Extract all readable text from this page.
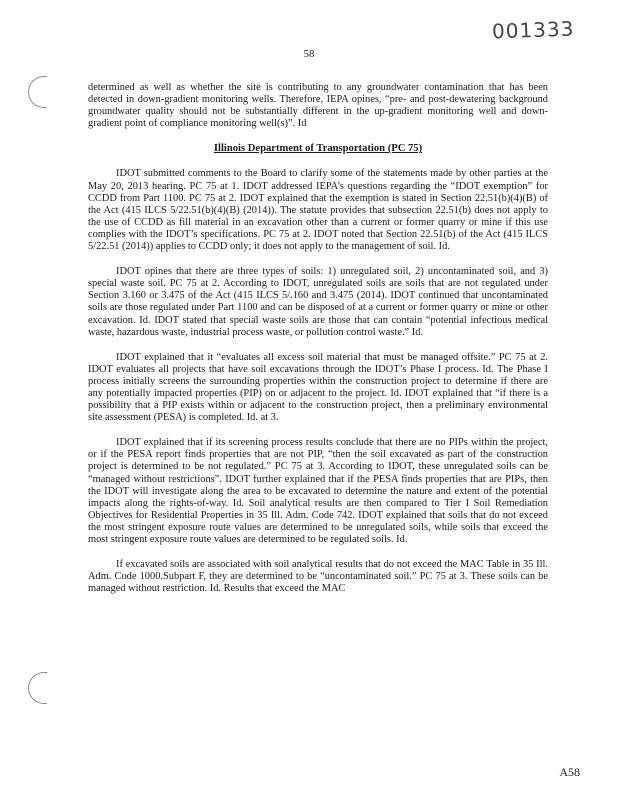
001333
58

determined as well as whether the site is contributing to any groundwater contamination that has been detected in down-gradient monitoring wells. Therefore, IEPA opines, “pre- and post-dewatering background groundwater quality should not be substantially different in the up-gradient monitoring well and down-gradient point of compliance monitoring well(s)”. Id

Illinois Department of Transportation (PC 75)

IDOT submitted comments to the Board to clarify some of the statements made by other parties at the May 20, 2013 hearing. PC 75 at 1. IDOT addressed IEPA’s questions regarding the “IDOT exemption” for CCDD from Part 1100. PC 75 at 2. IDOT explained that the exemption is stated in Section 22.51(b)(4)(B) of the Act (415 ILCS 5/22.51(b)(4)(B) (2014)). The statute provides that subsection 22.51(b) does not apply to the use of CCDD as fill material in an excavation other than a current or former quarry or mine if this use complies with the IDOT’s specifications. PC 75 at 2. IDOT noted that Section 22.51(b) of the Act (415 ILCS 5/22.51 (2014)) applies to CCDD only; it does not apply to the management of soil. Id.

IDOT opines that there are three types of soils: 1) unregulated soil, 2) uncontaminated soil, and 3) special waste soil. PC 75 at 2. According to IDOT, unregulated soils are soils that are not regulated under Section 3.160 or 3.475 of the Act (415 ILCS 5/.160 and 3.475 (2014). IDOT continued that uncontaminated soils are those regulated under Part 1100 and can be disposed of at a current or former quarry or mine or other excavation. Id. IDOT stated that special waste soils are those that can contain “potential infectious medical waste, hazardous waste, industrial process waste, or pollution control waste.” Id.

IDOT explained that it “evaluates all excess soil material that must be managed offsite.” PC 75 at 2. IDOT evaluates all projects that have soil excavations through the IDOT’s Phase I process. Id. The Phase I process initially screens the surrounding properties within the construction project to determine if there are any potentially impacted properties (PIP) on or adjacent to the project. Id. IDOT explained that “if there is a possibility that a PIP exists within or adjacent to the construction project, then a preliminary environmental site assessment (PESA) is completed. Id. at 3.

IDOT explained that if its screening process results conclude that there are no PIPs within the project, or if the PESA report finds properties that are not PIP, “then the soil excavated as part of the construction project is determined to be not regulated.” PC 75 at 3. According to IDOT, these unregulated soils can be “managed without restrictions”. IDOT further explained that if the PESA finds properties that are PIPs, then the IDOT will investigate along the area to be excavated to determine the nature and extent of the potential impacts along the rights-of-way. Id. Soil analytical results are then compared to Tier I Soil Remediation Objectives for Residential Properties in 35 Ill. Adm. Code 742. IDOT explained that soils that do not exceed the most stringent exposure route values are determined to be unregulated soils, while soils that exceed the most stringent exposure route values are determined to be regulated soils. Id.

If excavated soils are associated with soil analytical results that do not exceed the MAC Table in 35 Ill. Adm. Code 1000.Subpart F, they are determined to be “uncontaminated soil.” PC 75 at 3. These soils can be managed without restriction. Id. Results that exceed the MAC

A58
